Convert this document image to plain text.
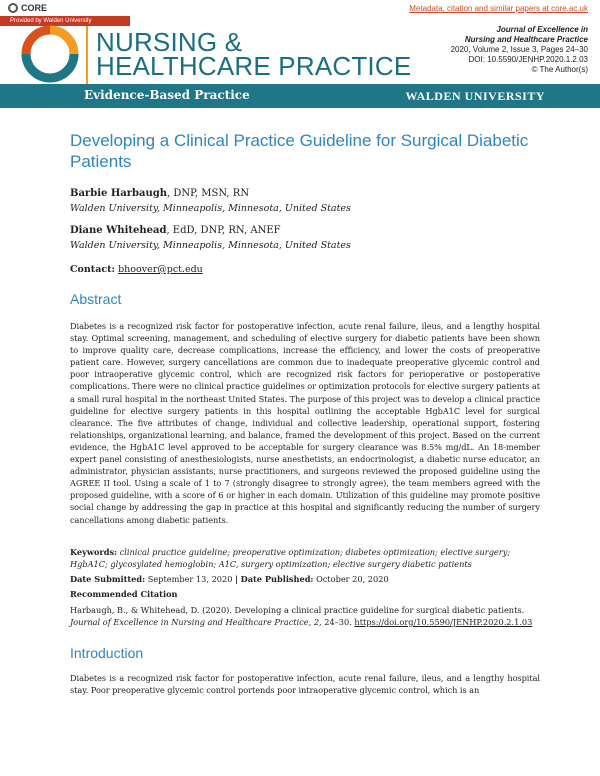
CORE	Metadata, citation and similar papers at core.ac.uk
Provided by Walden University
NURSING &
HEALTHCARE PRACTICE
Journal of Excellence in
Nursing and Healthcare Practice
2020, Volume 2, Issue 3, Pages 24–30
DOI: 10.5590/JENHP.2020.1.2.03
© The Author(s)
Evidence-Based Practice	WALDEN UNIVERSITY
Developing a Clinical Practice Guideline for Surgical Diabetic Patients
Barbie Harbaugh, DNP, MSN, RN
Walden University, Minneapolis, Minnesota, United States
Diane Whitehead, EdD, DNP, RN, ANEF
Walden University, Minneapolis, Minnesota, United States
Contact: bhoover@pct.edu
Abstract

Diabetes is a recognized risk factor for postoperative infection, acute renal failure, ileus, and a lengthy hospital stay. Optimal screening, management, and scheduling of elective surgery for diabetic patients have been shown to improve quality care, decrease complications, increase the efficiency, and lower the costs of preoperative patient care. However, surgery cancellations are common due to inadequate preoperative glycemic control and poor intraoperative glycemic control, which are recognized risk factors for perioperative or postoperative complications. There were no clinical practice guidelines or optimization protocols for elective surgery patients at a small rural hospital in the northeast United States. The purpose of this project was to develop a clinical practice guideline for elective surgery patients in this hospital outlining the acceptable HgbA1C level for surgical clearance. The five attributes of change, individual and collective leadership, operational support, fostering relationships, organizational learning, and balance, framed the development of this project. Based on the current evidence, the HgbA1C level approved to be acceptable for surgery clearance was 8.5% mg/dL. An 18-member expert panel consisting of anesthesiologists, nurse anesthetists, an endocrinologist, a diabetic nurse educator, an administrator, physician assistants, nurse practitioners, and surgeons reviewed the proposed guideline using the AGREE II tool. Using a scale of 1 to 7 (strongly disagree to strongly agree), the team members agreed with the proposed guideline, with a score of 6 or higher in each domain. Utilization of this guideline may promote positive social change by addressing the gap in practice at this hospital and significantly reducing the number of surgery cancellations among diabetic patients.

Keywords: clinical practice guideline; preoperative optimization; diabetes optimization; elective surgery; HgbA1C; glycosylated hemoglobin; A1C, surgery optimization; elective surgery diabetic patients
Date Submitted: September 13, 2020 | Date Published: October 20, 2020
Recommended Citation
Harbaugh, B., & Whitehead, D. (2020). Developing a clinical practice guideline for surgical diabetic patients. Journal of Excellence in Nursing and Healthcare Practice, 2, 24–30. https://doi.org/10.5590/JENHP.2020.2.1.03
Introduction

Diabetes is a recognized risk factor for postoperative infection, acute renal failure, ileus, and a lengthy hospital stay. Poor preoperative glycemic control portends poor intraoperative glycemic control, which is an
